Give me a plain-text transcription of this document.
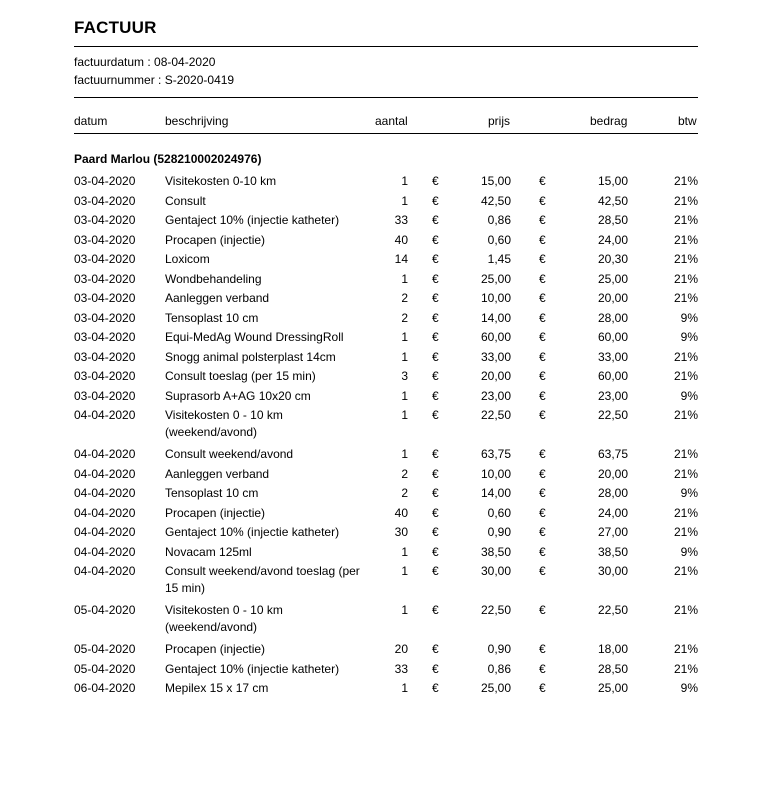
FACTUUR
factuurdatum : 08-04-2020
factuurnummer : S-2020-0419
datum	beschrijving	aantal	prijs	bedrag	btw
Paard Marlou (528210002024976)
03-04-2020 Visitekosten 0-10 km	1 €	15,00 €	15,00	21%
03-04-2020 Consult	1 €	42,50 €	42,50	21%
03-04-2020 Gentaject 10% (injectie katheter)	33 €	0,86 €	28,50	21%
03-04-2020 Procapen (injectie)	40 €	0,60 €	24,00	21%
03-04-2020 Loxicom	14 €	1,45 €	20,30	21%
03-04-2020 Wondbehandeling	1 €	25,00 €	25,00	21%
03-04-2020 Aanleggen verband	2 €	10,00 €	20,00	21%
03-04-2020 Tensoplast 10 cm	2 €	14,00 €	28,00	9%
03-04-2020 Equi-MedAg Wound DressingRoll	1 €	60,00 €	60,00	9%
03-04-2020 Snogg animal polsterplast 14cm	1 €	33,00 €	33,00	21%
03-04-2020 Consult toeslag (per 15 min)	3 €	20,00 €	60,00	21%
03-04-2020 Suprasorb A+AG 10x20 cm	1 €	23,00 €	23,00	9%
04-04-2020 Visitekosten 0 - 10 km (weekend/avond)
1 €	22,50 €	22,50	21%
04-04-2020 Consult weekend/avond	1 €	63,75 €	63,75	21%
04-04-2020 Aanleggen verband	2 €	10,00 €	20,00	21%
04-04-2020 Tensoplast 10 cm	2 €	14,00 €	28,00	9%
04-04-2020 Procapen (injectie)	40 €	0,60 €	24,00	21%
04-04-2020 Gentaject 10% (injectie katheter)	30 €	0,90 €	27,00	21%
04-04-2020 Novacam 125ml	1 €	38,50 €	38,50	9%
04-04-2020 Consult weekend/avond toeslag (per 15 min)
1 €	30,00 €	30,00	21%
05-04-2020 Visitekosten 0 - 10 km (weekend/avond)
1 €	22,50 €	22,50	21%
05-04-2020 Procapen (injectie)	20 €	0,90 €	18,00	21%
05-04-2020 Gentaject 10% (injectie katheter)	33 €	0,86 €	28,50	21%
06-04-2020 Mepilex 15 x 17 cm	1 €	25,00 €	25,00	9%
